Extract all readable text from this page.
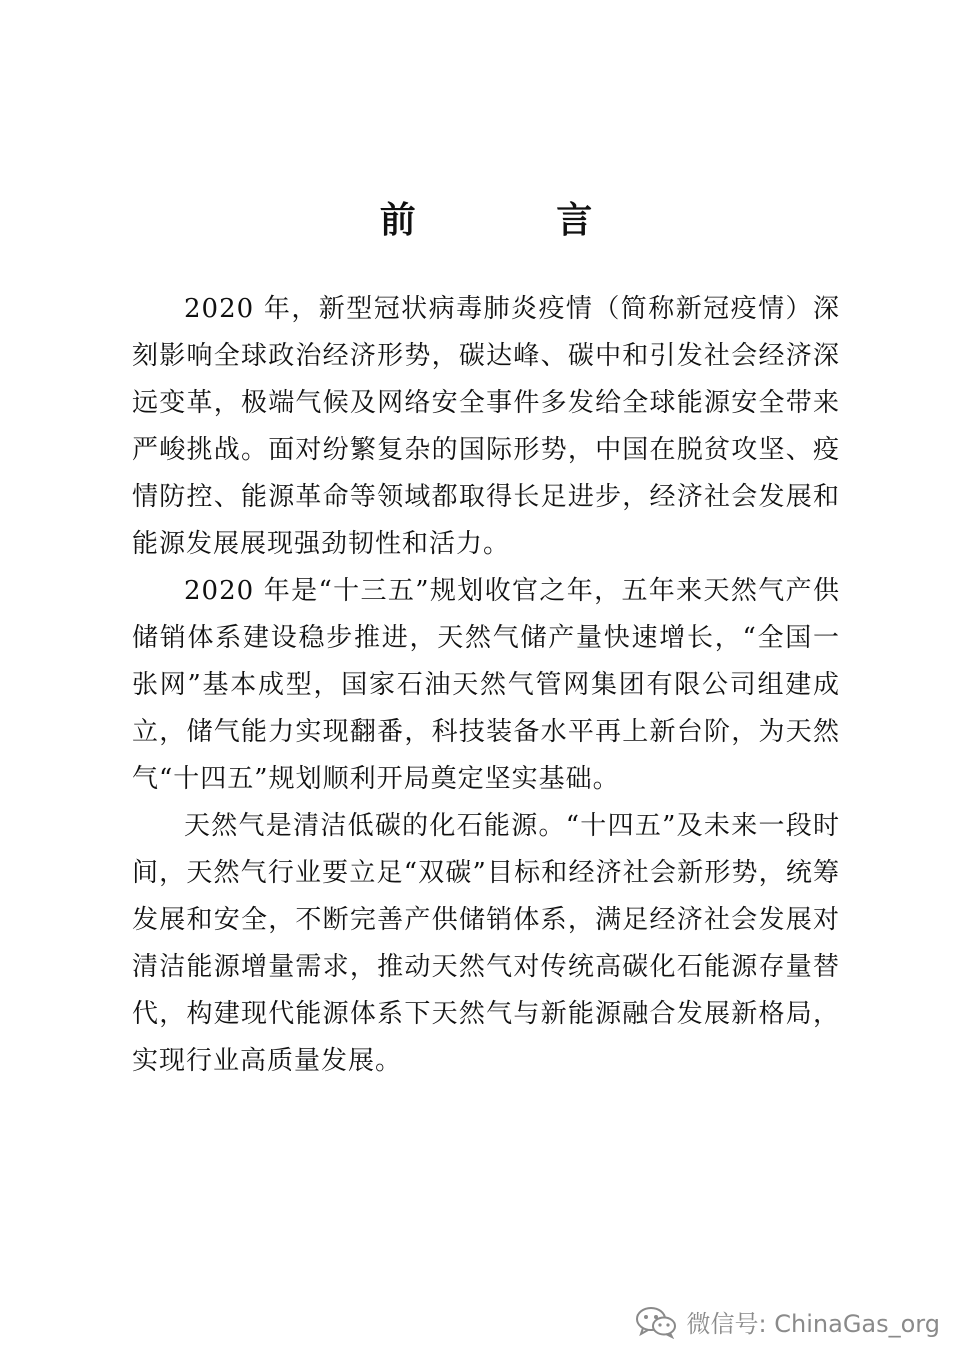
前 言

2020 年，新型冠状病毒肺炎疫情（简称新冠疫情）深刻影响全球政治经济形势，碳达峰、碳中和引发社会经济深远变革，极端气候及网络安全事件多发给全球能源安全带来严峻挑战。面对纷繁复杂的国际形势，中国在脱贫攻坚、疫情防控、能源革命等领域都取得长足进步，经济社会发展和能源发展展现强劲韧性和活力。

2020 年是“十三五”规划收官之年，五年来天然气产供储销体系建设稳步推进，天然气储产量快速增长，“全国一张网”基本成型，国家石油天然气管网集团有限公司组建成立，储气能力实现翻番，科技装备水平再上新台阶，为天然气“十四五”规划顺利开局奠定坚实基础。

天然气是清洁低碳的化石能源。“十四五”及未来一段时间，天然气行业要立足“双碳”目标和经济社会新形势，统筹发展和安全，不断完善产供储销体系，满足经济社会发展对清洁能源增量需求，推动天然气对传统高碳化石能源存量替代，构建现代能源体系下天然气与新能源融合发展新格局，实现行业高质量发展。

微信号: ChinaGas_org
